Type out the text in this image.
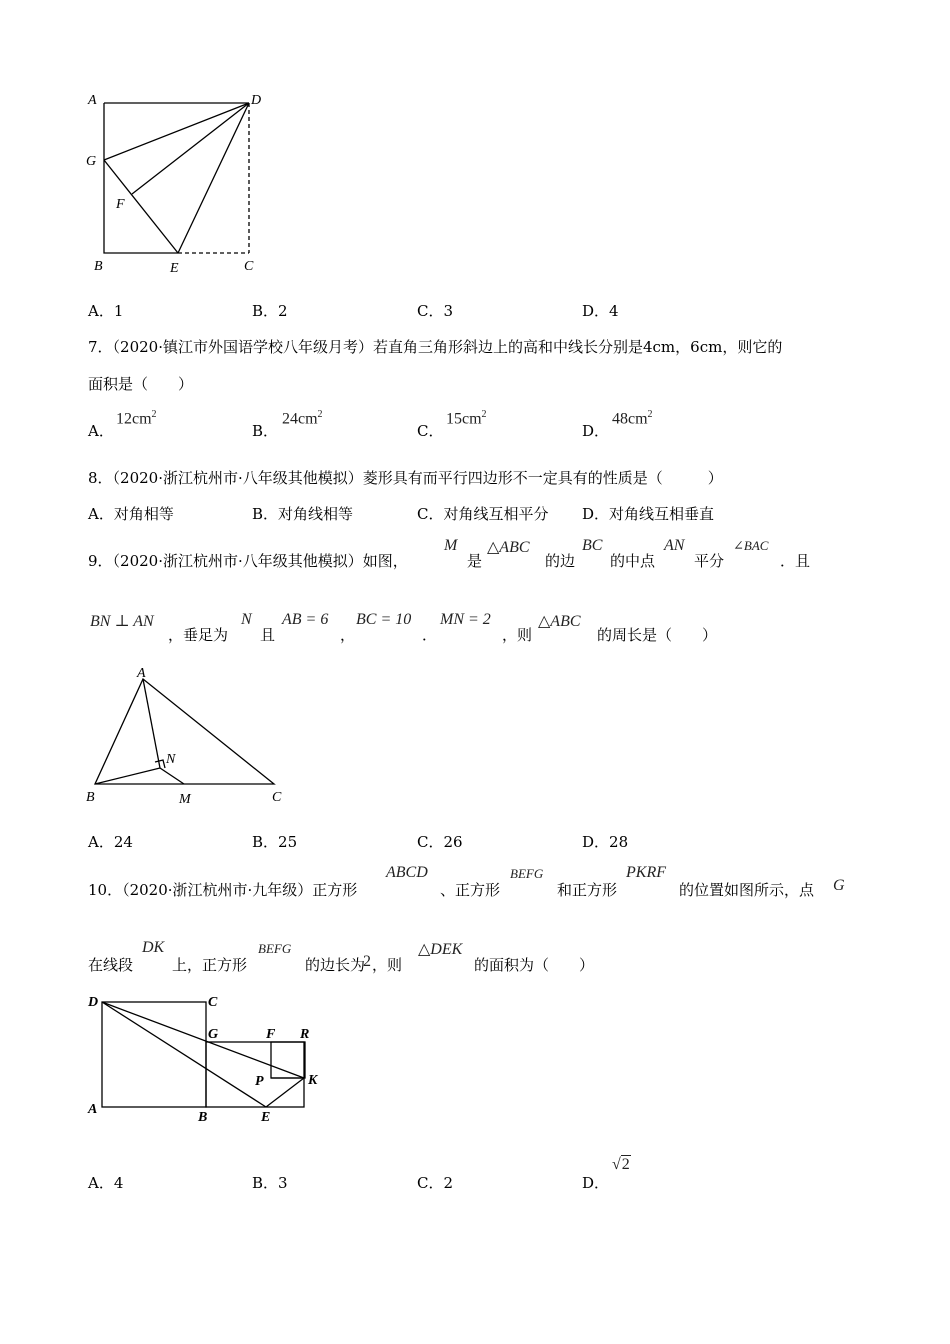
A	D
G
F
B	E	C
A．1	B．2	C．3	D．4
7．（2020·镇江市外国语学校八年级月考）若直角三角形斜边上的高和中线长分别是4cm，6cm，则它的
面积是（　　）
A．
$12cm^2$
B．
$24cm^2$
C．
$15cm^2$
D．
$48cm^2$
8．（2020·浙江杭州市·八年级其他模拟）菱形具有而平行四边形不一定具有的性质是（　　　）
A．对角相等	B．对角线相等	C．对角线互相平分 D．对角线互相垂直
9．（2020·浙江杭州市·八年级其他模拟）如图，
M
是
△ABC
的边
BC
的中点
AN
平分
∠BAC
．且
BN ⊥ AN
，垂足为
N
且
AB = 6
，
BC = 10
．
MN = 2
，则
△ABC
的周长是（　　）
A
N
B	M	C
A．24	B．25	C．26	D．28
10．（2020·浙江杭州市·九年级）正方形
ABCD
、正方形
BEFG
和正方形
PKRF
的位置如图所示，点 G
在线段
DK
上，正方形
BEFG
的边长为
2 ，则
△DEK
的面积为（　　）
D	C
G	F R
P	K
A
B	E
A．4	B．3	C．2	D．
√2
